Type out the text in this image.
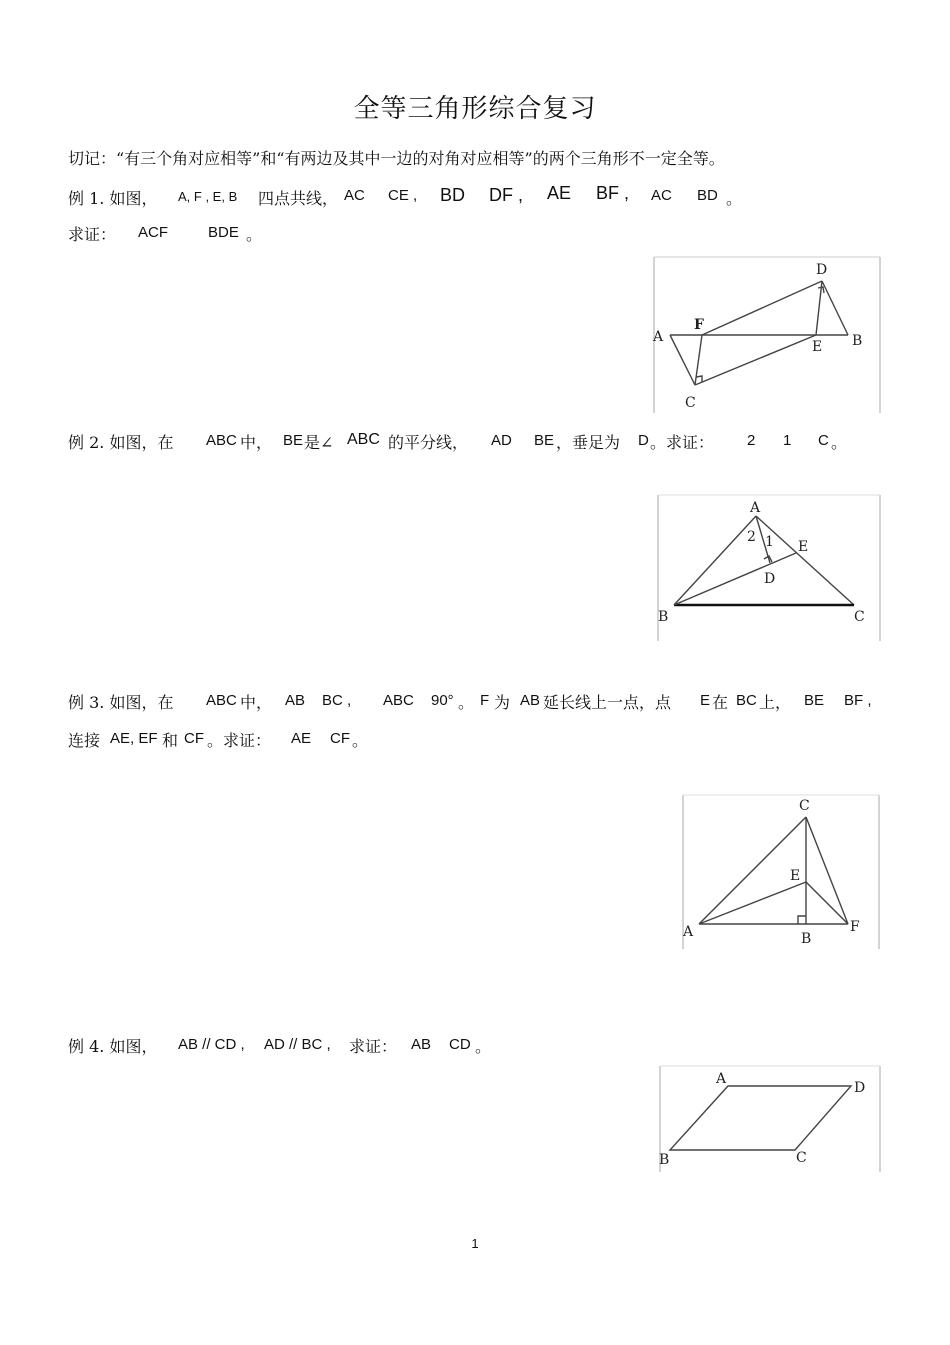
全等三角形综合复习
切记：“有三个角对应相等”和“有两边及其中一边的对角对应相等”的两个三角形不一定全等。
例 1. 如图， A, F , E, B 四点共线， AC CE , BD DF , AE BF , AC BD 。
求证： ACF	BDE 。
A
F
D
B
E
C
例 2. 如图，在 ABC 中， BE 是∠ ABC 的平分线， AD BE ，垂足为 D 。求证： 2 1 C 。
A
2 1 E
D
B	C
例 3. 如图，在 ABC 中， AB BC , ABC 90° 。 F 为 AB 延长线上一点，点 E 在 BC 上， BE BF ,
连接 AE, EF 和 CF 。求证： AE CF 。
C
E
A	B
F
例 4. 如图， AB // CD , AD // BC , 求证： AB CD 。
A
D
B	C
1
